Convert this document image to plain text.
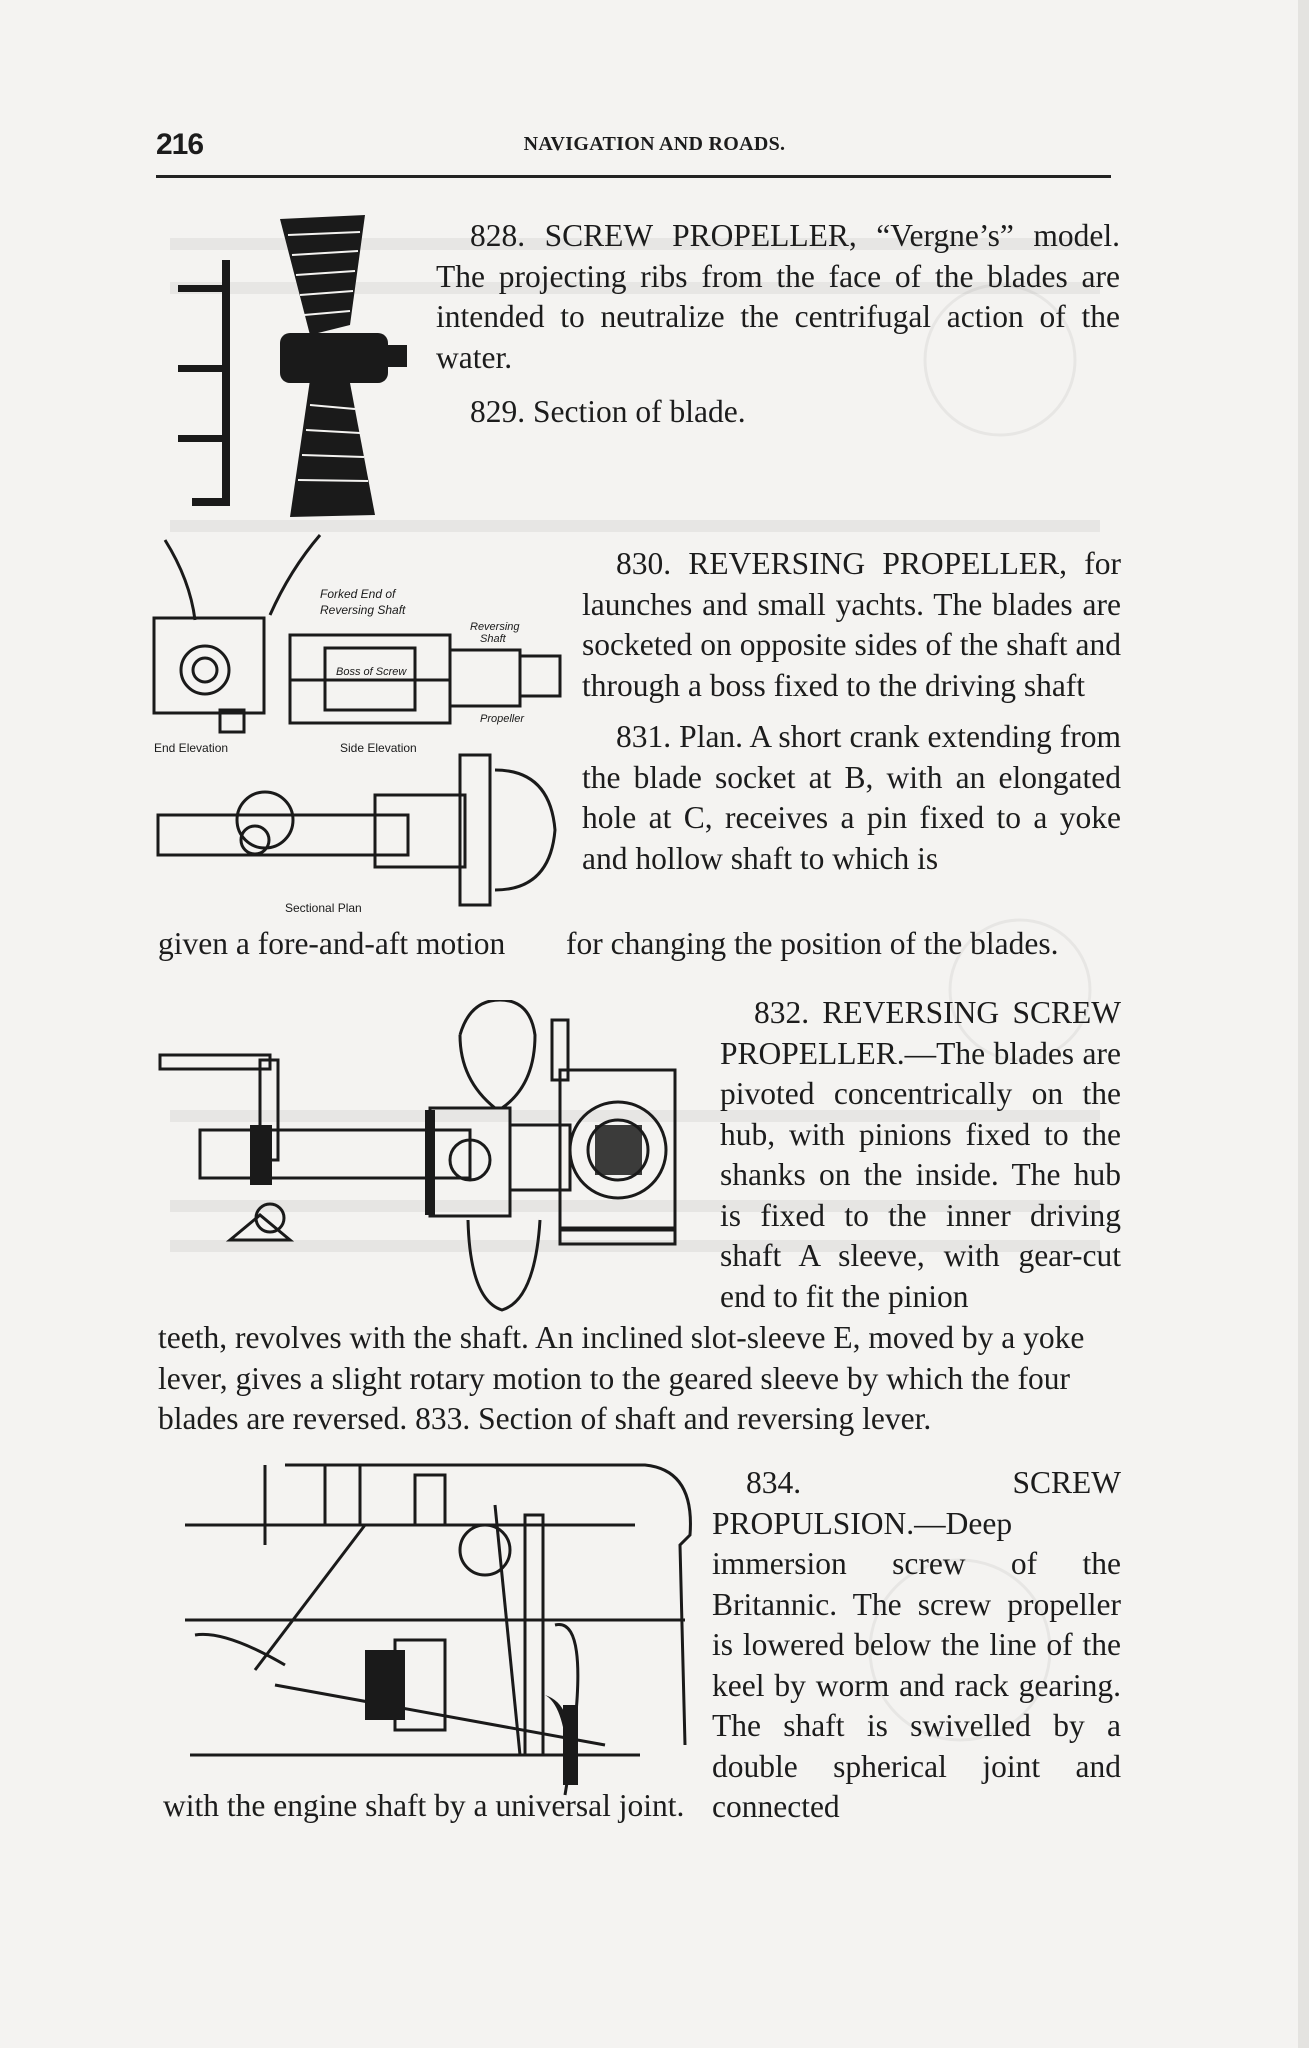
216	NAVIGATION AND ROADS.

828. SCREW PROPELLER, “Vergne’s” model. The projecting ribs from the face of the blades are intended to neutralize the centrifugal action of the water.

829. Section of blade.

Forked End of
Reversing Shaft
Reversing
Shaft
Boss of Screw
Propeller
End Elevation	Side Elevation
Sectional Plan

830. REVERSING PROPELLER, for launches and small yachts. The blades are socketed on opposite sides of the shaft and through a boss fixed to the driving shaft

831. Plan. A short crank extending from the blade socket at B, with an elongated hole at C, receives a pin fixed to a yoke and hollow shaft to which is

given a fore-and-aft motion for changing the position of the blades.

832. REVERSING SCREW PROPELLER.—The blades are pivoted concentrically on the hub, with pinions fixed to the shanks on the inside. The hub is fixed to the inner driving shaft A sleeve, with gear-cut end to fit the pinion

teeth, revolves with the shaft. An inclined slot-sleeve E, moved by a yoke lever, gives a slight rotary motion to the geared sleeve by which the four blades are reversed. 833. Section of shaft and reversing lever.

834. SCREW PROPULSION.—Deep immersion screw of the Britannic. The screw propeller is lowered below the line of the keel by worm and rack gearing. The shaft is swivelled by a double spherical joint and connected

with the engine shaft by a universal joint.
